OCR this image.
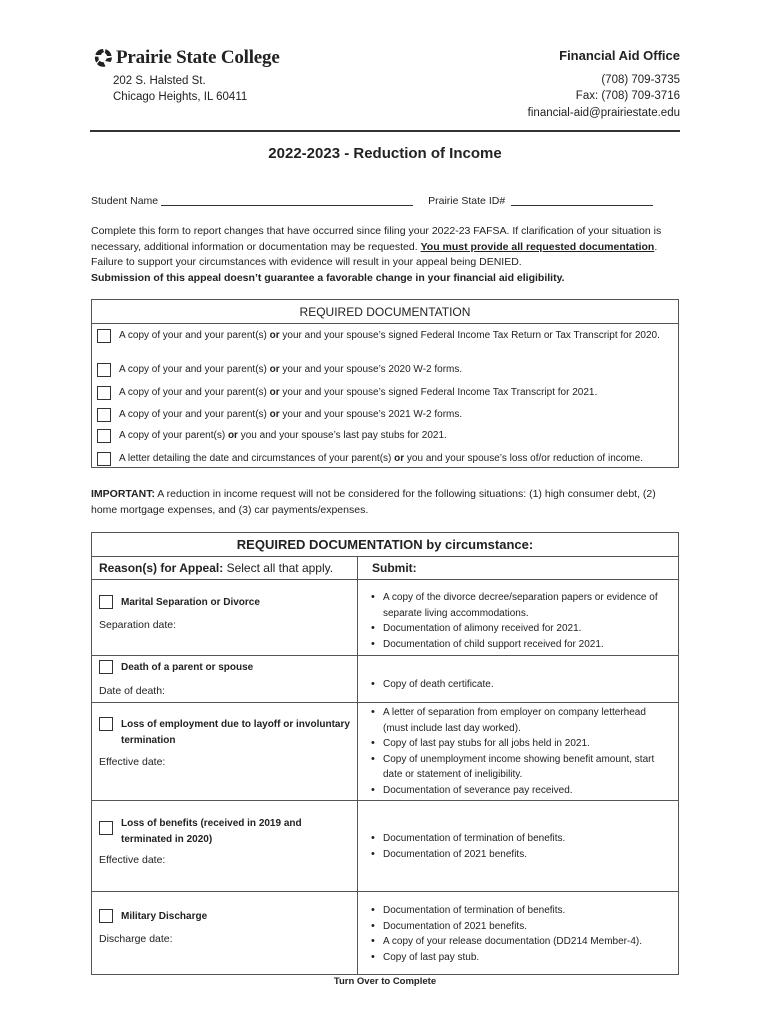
Prairie State College
202 S. Halsted St.
Chicago Heights, IL 60411
Financial Aid Office
(708) 709-3735
Fax: (708) 709-3716
financial-aid@prairiestate.edu
2022-2023 - Reduction of Income
Student Name	Prairie State ID#
Complete this form to report changes that have occurred since filing your 2022-23 FAFSA. If clarification of your situation is necessary, additional information or documentation may be requested. You must provide all requested documentation. Failure to support your circumstances with evidence will result in your appeal being DENIED.
Submission of this appeal doesn’t guarantee a favorable change in your financial aid eligibility.
REQUIRED DOCUMENTATION
A copy of your and your parent(s) or your and your spouse’s signed Federal Income Tax Return or Tax Transcript for 2020.
A copy of your and your parent(s) or your and your spouse’s 2020 W-2 forms.
A copy of your and your parent(s) or your and your spouse’s signed Federal Income Tax Transcript for 2021.
A copy of your and your parent(s) or your and your spouse’s 2021 W-2 forms.
A copy of your parent(s) or you and your spouse’s last pay stubs for 2021.
A letter detailing the date and circumstances of your parent(s) or you and your spouse’s loss of/or reduction of income.
IMPORTANT: A reduction in income request will not be considered for the following situations: (1) high consumer debt, (2) home mortgage expenses, and (3) car payments/expenses.
REQUIRED DOCUMENTATION by circumstance:
Reason(s) for Appeal: Select all that apply.	Submit:
Marital Separation or Divorce
Separation date:
• A copy of the divorce decree/separation papers or evidence of separate living accommodations.
• Documentation of alimony received for 2021.
• Documentation of child support received for 2021.
Death of a parent or spouse
Date of death:
• Copy of death certificate.
Loss of employment due to layoff or involuntary termination
Effective date:
• A letter of separation from employer on company letterhead (must include last day worked).
• Copy of last pay stubs for all jobs held in 2021.
• Copy of unemployment income showing benefit amount, start date or statement of ineligibility.
• Documentation of severance pay received.
Loss of benefits (received in 2019 and terminated in 2020)
Effective date:
• Documentation of termination of benefits.
• Documentation of 2021 benefits.
Military Discharge
Discharge date:
• Documentation of termination of benefits.
• Documentation of 2021 benefits.
• A copy of your release documentation (DD214 Member-4).
• Copy of last pay stub.
Turn Over to Complete
